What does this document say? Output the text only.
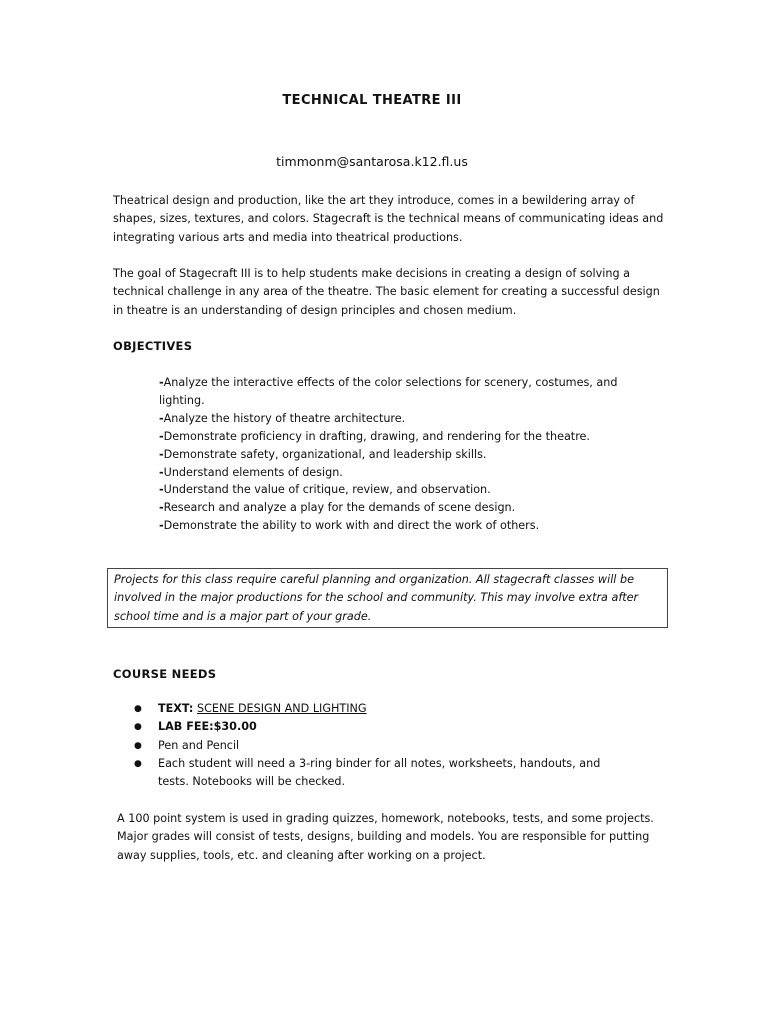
TECHNICAL THEATRE III
timmonm@santarosa.k12.fl.us

Theatrical design and production, like the art they introduce, comes in a bewildering array of shapes, sizes, textures, and colors. Stagecraft is the technical means of communicating ideas and integrating various arts and media into theatrical productions.

The goal of Stagecraft III is to help students make decisions in creating a design of solving a technical challenge in any area of the theatre. The basic element for creating a successful design in theatre is an understanding of design principles and chosen medium.

OBJECTIVES
-Analyze the interactive effects of the color selections for scenery, costumes, and lighting.
-Analyze the history of theatre architecture.
-Demonstrate proficiency in drafting, drawing, and rendering for the theatre.
-Demonstrate safety, organizational, and leadership skills.
-Understand elements of design.
-Understand the value of critique, review, and observation.
-Research and analyze a play for the demands of scene design.
-Demonstrate the ability to work with and direct the work of others.
Projects for this class require careful planning and organization. All stagecraft classes will be involved in the major productions for the school and community. This may involve extra after school time and is a major part of your grade.
COURSE NEEDS
● TEXT: SCENE DESIGN AND LIGHTING
● LAB FEE:$30.00
● Pen and Pencil
● Each student will need a 3-ring binder for all notes, worksheets, handouts, and tests. Notebooks will be checked.

A 100 point system is used in grading quizzes, homework, notebooks, tests, and some projects. Major grades will consist of tests, designs, building and models. You are responsible for putting away supplies, tools, etc. and cleaning after working on a project.
